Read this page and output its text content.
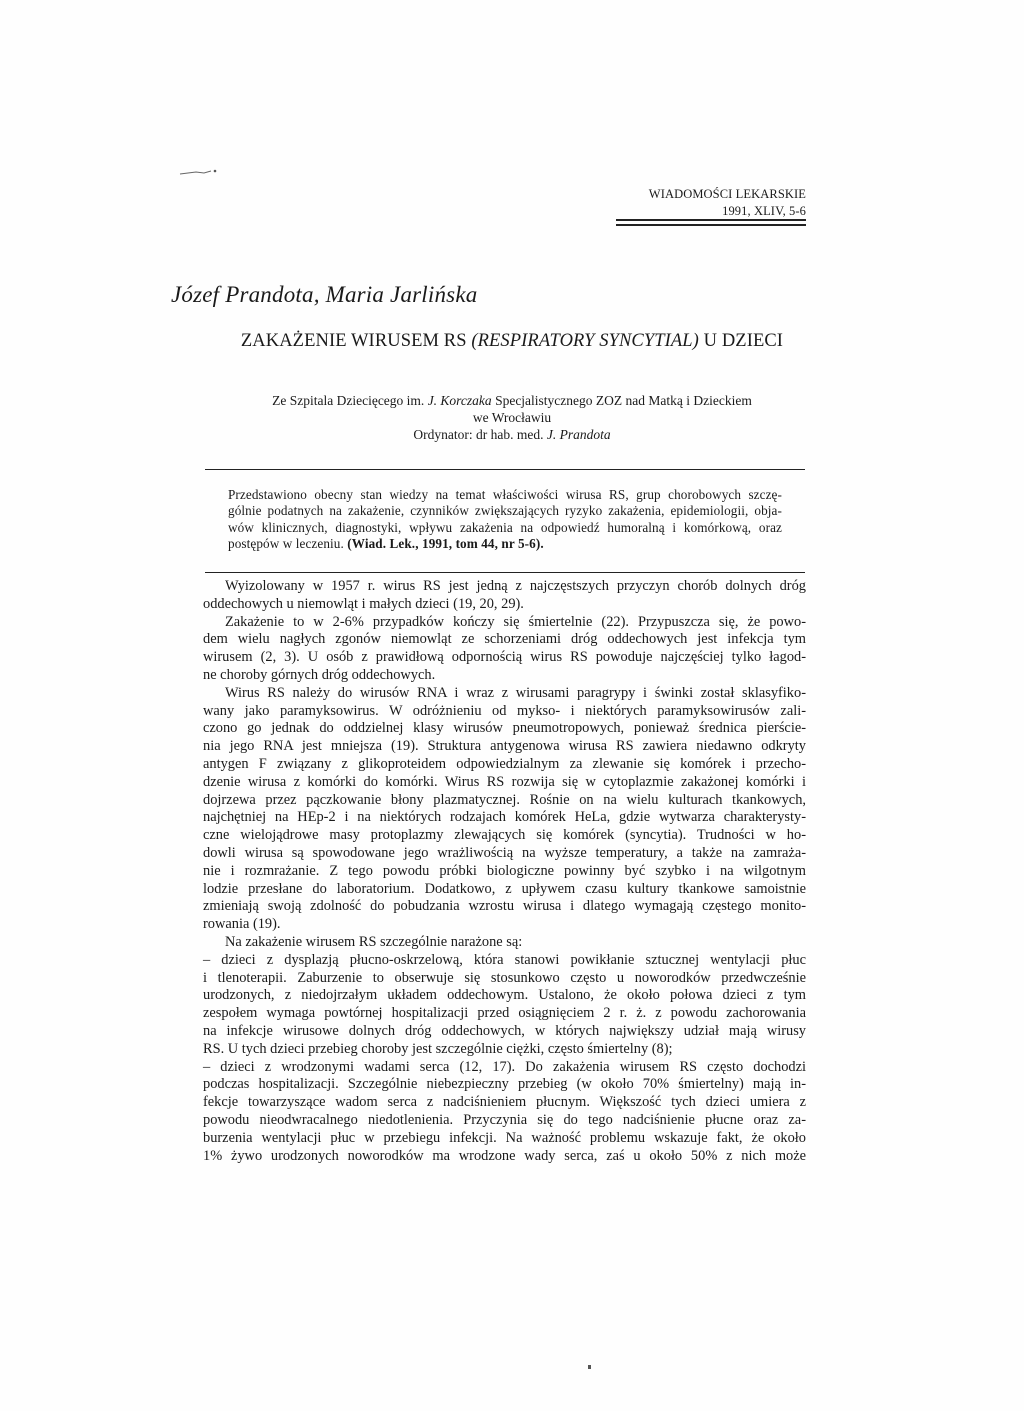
WIADOMOŚCI LEKARSKIE
1991, XLIV, 5-6
Józef Prandota, Maria Jarlińska
ZAKAŻENIE WIRUSEM RS (RESPIRATORY SYNCYTIAL) U DZIECI
Ze Szpitala Dziecięcego im. J. Korczaka Specjalistycznego ZOZ nad Matką i Dzieckiem
we Wrocławiu
Ordynator: dr hab. med. J. Prandota
Przedstawiono obecny stan wiedzy na temat właściwości wirusa RS, grup chorobowych szczę-
gólnie podatnych na zakażenie, czynników zwiększających ryzyko zakażenia, epidemiologii, obja-
wów klinicznych, diagnostyki, wpływu zakażenia na odpowiedź humoralną i komórkową, oraz
postępów w leczeniu. (Wiad. Lek., 1991, tom 44, nr 5-6).
Wyizolowany w 1957 r. wirus RS jest jedną z najczęstszych przyczyn chorób dolnych dróg
oddechowych u niemowląt i małych dzieci (19, 20, 29).
Zakażenie to w 2-6% przypadków kończy się śmiertelnie (22). Przypuszcza się, że powo-
dem wielu nagłych zgonów niemowląt ze schorzeniami dróg oddechowych jest infekcja tym
wirusem (2, 3). U osób z prawidłową odpornością wirus RS powoduje najczęściej tylko łagod-
ne choroby górnych dróg oddechowych.
Wirus RS należy do wirusów RNA i wraz z wirusami paragrypy i świnki został sklasyfiko-
wany jako paramyksowirus. W odróżnieniu od mykso- i niektórych paramyksowirusów zali-
czono go jednak do oddzielnej klasy wirusów pneumotropowych, ponieważ średnica pierście-
nia jego RNA jest mniejsza (19). Struktura antygenowa wirusa RS zawiera niedawno odkryty
antygen F związany z glikoproteidem odpowiedzialnym za zlewanie się komórek i przecho-
dzenie wirusa z komórki do komórki. Wirus RS rozwija się w cytoplazmie zakażonej komórki i
dojrzewa przez pączkowanie błony plazmatycznej. Rośnie on na wielu kulturach tkankowych,
najchętniej na HEp-2 i na niektórych rodzajach komórek HeLa, gdzie wytwarza charakterysty-
czne wielojądrowe masy protoplazmy zlewających się komórek (syncytia). Trudności w ho-
dowli wirusa są spowodowane jego wrażliwością na wyższe temperatury, a także na zamraża-
nie i rozmrażanie. Z tego powodu próbki biologiczne powinny być szybko i na wilgotnym
lodzie przesłane do laboratorium. Dodatkowo, z upływem czasu kultury tkankowe samoistnie
zmieniają swoją zdolność do pobudzania wzrostu wirusa i dlatego wymagają częstego monito-
rowania (19).
Na zakażenie wirusem RS szczególnie narażone są:
– dzieci z dysplazją płucno-oskrzelową, która stanowi powikłanie sztucznej wentylacji płuc
i tlenoterapii. Zaburzenie to obserwuje się stosunkowo często u noworodków przedwcześnie
urodzonych, z niedojrzałym układem oddechowym. Ustalono, że około połowa dzieci z tym
zespołem wymaga powtórnej hospitalizacji przed osiągnięciem 2 r. ż. z powodu zachorowania
na infekcje wirusowe dolnych dróg oddechowych, w których największy udział mają wirusy
RS. U tych dzieci przebieg choroby jest szczególnie ciężki, często śmiertelny (8);
– dzieci z wrodzonymi wadami serca (12, 17). Do zakażenia wirusem RS często dochodzi
podczas hospitalizacji. Szczególnie niebezpieczny przebieg (w około 70% śmiertelny) mają in-
fekcje towarzyszące wadom serca z nadciśnieniem płucnym. Większość tych dzieci umiera z
powodu nieodwracalnego niedotlenienia. Przyczynia się do tego nadciśnienie płucne oraz za-
burzenia wentylacji płuc w przebiegu infekcji. Na ważność problemu wskazuje fakt, że około
1% żywo urodzonych noworodków ma wrodzone wady serca, zaś u około 50% z nich może
